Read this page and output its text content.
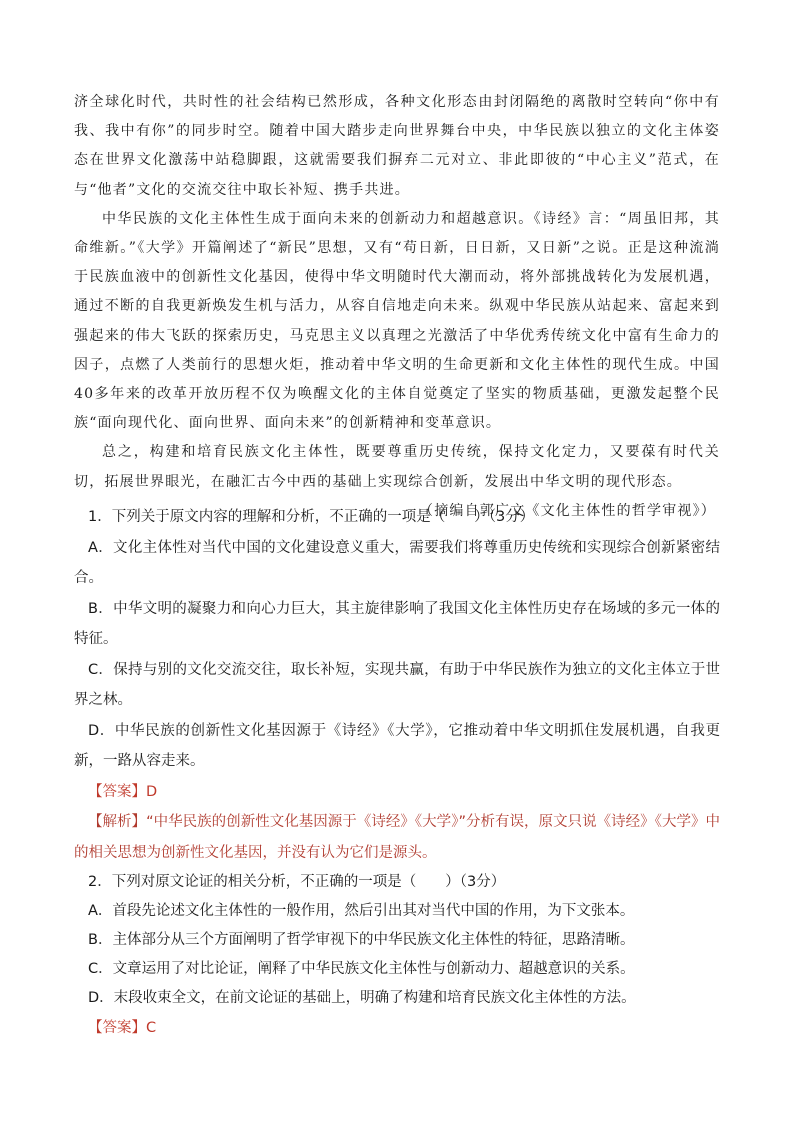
济全球化时代，共时性的社会结构已然形成，各种文化形态由封闭隔绝的离散时空转向“你中有我、我中有你”的同步时空。随着中国大踏步走向世界舞台中央，中华民族以独立的文化主体姿态在世界文化激荡中站稳脚跟，这就需要我们摒弃二元对立、非此即彼的“中心主义”范式，在与“他者”文化的交流交往中取长补短、携手共进。

中华民族的文化主体性生成于面向未来的创新动力和超越意识。《诗经》言：“周虽旧邦，其命维新。”《大学》开篇阐述了“新民”思想，又有“苟日新，日日新，又日新”之说。正是这种流淌于民族血液中的创新性文化基因，使得中华文明随时代大潮而动，将外部挑战转化为发展机遇，通过不断的自我更新焕发生机与活力，从容自信地走向未来。纵观中华民族从站起来、富起来到强起来的伟大飞跃的探索历史，马克思主义以真理之光激活了中华优秀传统文化中富有生命力的因子，点燃了人类前行的思想火炬，推动着中华文明的生命更新和文化主体性的现代生成。中国40多年来的改革开放历程不仅为唤醒文化的主体自觉奠定了坚实的物质基础，更激发起整个民族“面向现代化、面向世界、面向未来”的创新精神和变革意识。

总之，构建和培育民族文化主体性，既要尊重历史传统，保持文化定力，又要葆有时代关切，拓展世界眼光，在融汇古今中西的基础上实现综合创新，发展出中华文明的现代形态。

（摘编自郭广文《文化主体性的哲学审视》）

1．下列关于原文内容的理解和分析，不正确的一项是（　　）（3分）

A．文化主体性对当代中国的文化建设意义重大，需要我们将尊重历史传统和实现综合创新紧密结合。

B．中华文明的凝聚力和向心力巨大，其主旋律影响了我国文化主体性历史存在场域的多元一体的特征。

C．保持与别的文化交流交往，取长补短，实现共赢，有助于中华民族作为独立的文化主体立于世界之林。

D．中华民族的创新性文化基因源于《诗经》《大学》，它推动着中华文明抓住发展机遇，自我更新，一路从容走来。

【答案】D

【解析】“中华民族的创新性文化基因源于《诗经》《大学》”分析有误，原文只说《诗经》《大学》中的相关思想为创新性文化基因，并没有认为它们是源头。

2．下列对原文论证的相关分析，不正确的一项是（　　）（3分）

A．首段先论述文化主体性的一般作用，然后引出其对当代中国的作用，为下文张本。

B．主体部分从三个方面阐明了哲学审视下的中华民族文化主体性的特征，思路清晰。

C．文章运用了对比论证，阐释了中华民族文化主体性与创新动力、超越意识的关系。

D．末段收束全文，在前文论证的基础上，明确了构建和培育民族文化主体性的方法。

【答案】C
